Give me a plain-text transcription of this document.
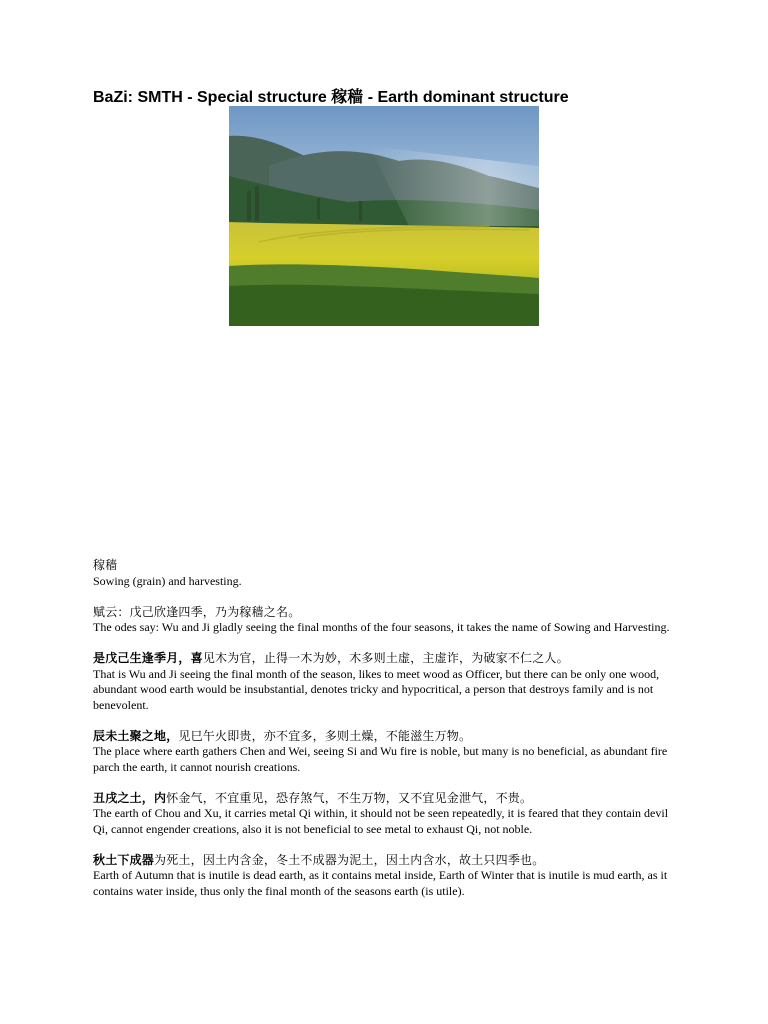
BaZi: SMTH - Special structure 稼穑 - Earth dominant structure

稼穑

Sowing (grain) and harvesting.

赋云：戊己欣逢四季，乃为稼穑之名。

The odes say: Wu and Ji gladly seeing the final months of the four seasons, it takes the name of Sowing and Harvesting.

是戊己生逢季月，喜见木为官，止得一木为妙，木多则土虚，主虚诈，为破家不仁之人。

That is Wu and Ji seeing the final month of the season, likes to meet wood as Officer, but there can be only one wood, abundant wood earth would be insubstantial, denotes tricky and hypocritical, a person that destroys family and is not benevolent.

辰未土聚之地，见巳午火即贵，亦不宜多，多则土燥，不能滋生万物。

The place where earth gathers Chen and Wei, seeing Si and Wu fire is noble, but many is no beneficial, as abundant fire parch the earth, it cannot nourish creations.

丑戌之土，内怀金气，不宜重见，恐存煞气，不生万物，又不宜见金泄气，不贵。

The earth of Chou and Xu, it carries metal Qi within, it should not be seen repeatedly, it is feared that they contain devil Qi, cannot engender creations, also it is not beneficial to see metal to exhaust Qi, not noble.

秋土下成器为死土，因土内含金，冬土不成器为泥土，因土内含水，故土只四季也。

Earth of Autumn that is inutile is dead earth, as it contains metal inside, Earth of Winter that is inutile is mud earth, as it contains water inside, thus only the final month of the seasons earth (is utile).
